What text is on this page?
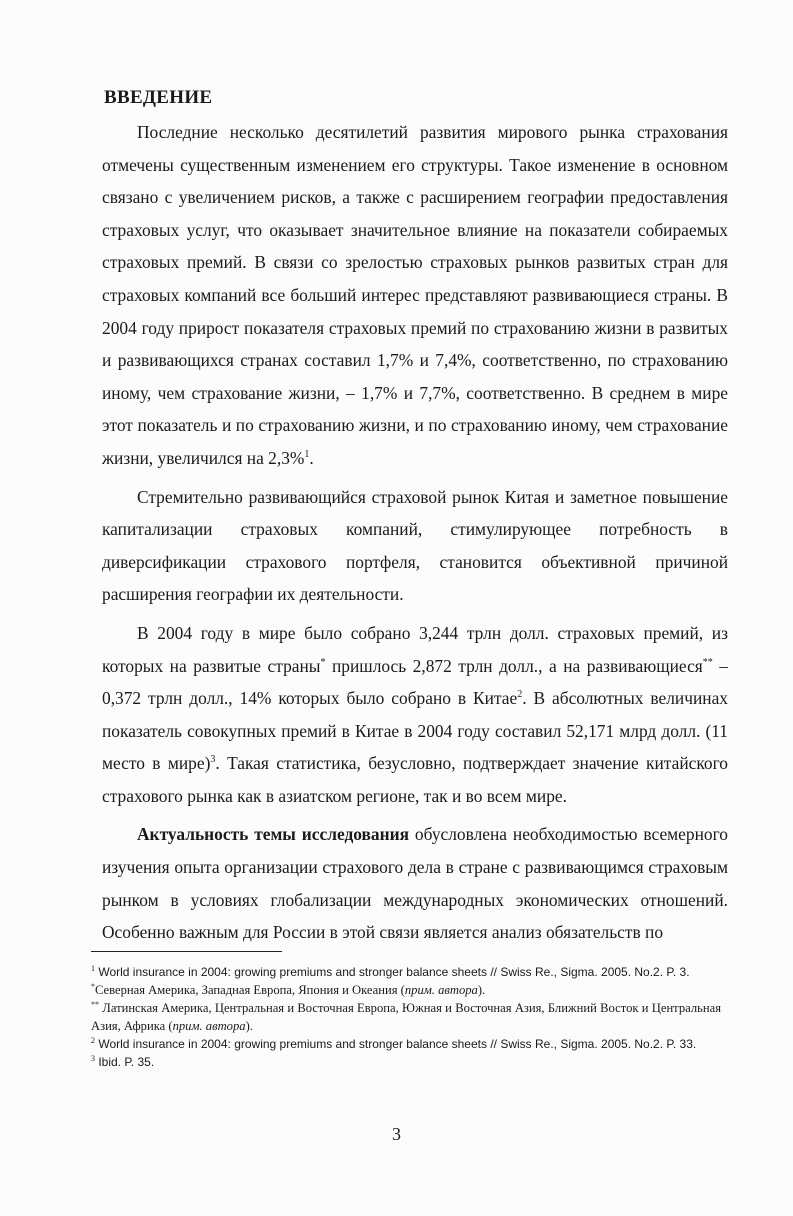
ВВЕДЕНИЕ

Последние несколько десятилетий развития мирового рынка страхования отмечены существенным изменением его структуры. Такое изменение в основном связано с увеличением рисков, а также с расширением географии предоставления страховых услуг, что оказывает значительное влияние на показатели собираемых страховых премий. В связи со зрелостью страховых рынков развитых стран для страховых компаний все больший интерес представляют развивающиеся страны. В 2004 году прирост показателя страховых премий по страхованию жизни в развитых и развивающихся странах составил 1,7% и 7,4%, соответственно, по страхованию иному, чем страхование жизни, – 1,7% и 7,7%, соответственно. В среднем в мире этот показатель и по страхованию жизни, и по страхованию иному, чем страхование жизни, увеличился на 2,3%$^1$.

Стремительно развивающийся страховой рынок Китая и заметное повышение капитализации страховых компаний, стимулирующее потребность в диверсификации страхового портфеля, становится объективной причиной расширения географии их деятельности.

В 2004 году в мире было собрано 3,244 трлн долл. страховых премий, из которых на развитые страны* пришлось 2,872 трлн долл., а на развивающиеся** – 0,372 трлн долл., 14% которых было собрано в Китае$^2$. В абсолютных величинах показатель совокупных премий в Китае в 2004 году составил 52,171 млрд долл. (11 место в мире)$^3$. Такая статистика, безусловно, подтверждает значение китайского страхового рынка как в азиатском регионе, так и во всем мире.

Актуальность темы исследования обусловлена необходимостью всемерного изучения опыта организации страхового дела в стране с развивающимся страховым рынком в условиях глобализации международных экономических отношений. Особенно важным для России в этой связи является анализ обязательств по

$^1$ World insurance in 2004: growing premiums and stronger balance sheets // Swiss Re., Sigma. 2005. No.2. P. 3.
*Северная Америка, Западная Европа, Япония и Океания (прим. автора).
** Латинская Америка, Центральная и Восточная Европа, Южная и Восточная Азия, Ближний Восток и Центральная Азия, Африка (прим. автора).
$^2$ World insurance in 2004: growing premiums and stronger balance sheets // Swiss Re., Sigma. 2005. No.2. P. 33.
$^3$ Ibid. P. 35.
3
